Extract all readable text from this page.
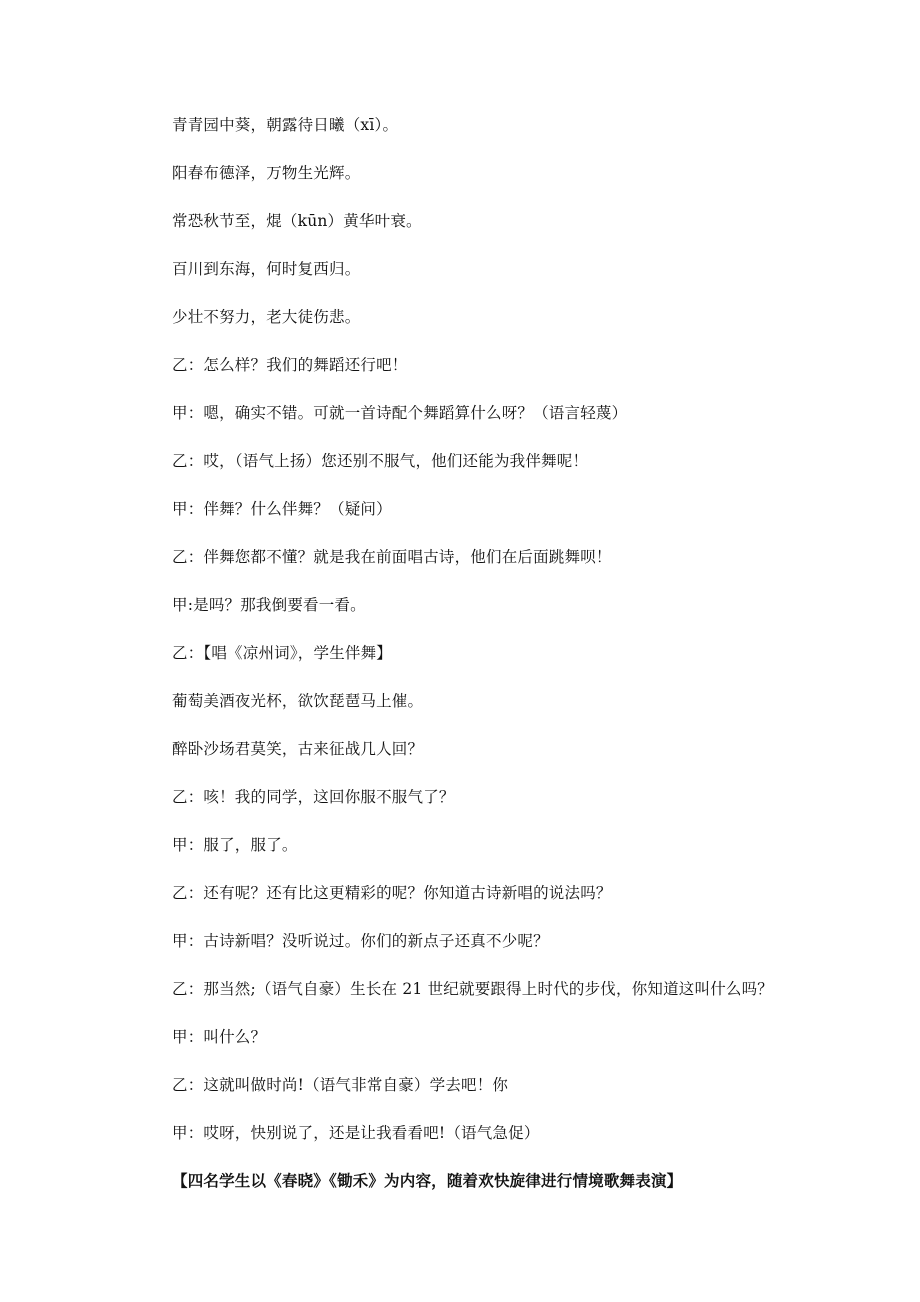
青青园中葵，朝露待日曦（xī）。
阳春布德泽，万物生光辉。
常恐秋节至，焜（kūn）黄华叶衰。
百川到东海，何时复西归。
少壮不努力，老大徒伤悲。
乙：怎么样？我们的舞蹈还行吧！
甲：嗯，确实不错。可就一首诗配个舞蹈算什么呀？（语言轻蔑）
乙：哎，（语气上扬）您还别不服气，他们还能为我伴舞呢！
甲：伴舞？什么伴舞？（疑问）
乙：伴舞您都不懂？就是我在前面唱古诗，他们在后面跳舞呗！
甲:是吗？那我倒要看一看。
乙：【唱《凉州词》，学生伴舞】
葡萄美酒夜光杯，欲饮琵琶马上催。
醉卧沙场君莫笑，古来征战几人回？
乙：咳！我的同学，这回你服不服气了？
甲：服了，服了。
乙：还有呢？还有比这更精彩的呢？你知道古诗新唱的说法吗？
甲：古诗新唱？没听说过。你们的新点子还真不少呢？
乙：那当然;（语气自豪）生长在 21 世纪就要跟得上时代的步伐，你知道这叫什么吗？
甲：叫什么？
乙：这就叫做时尚!（语气非常自豪）学去吧！你
甲：哎呀，快别说了，还是让我看看吧!（语气急促）
【四名学生以《春晓》《锄禾》为内容，随着欢快旋律进行情境歌舞表演】
